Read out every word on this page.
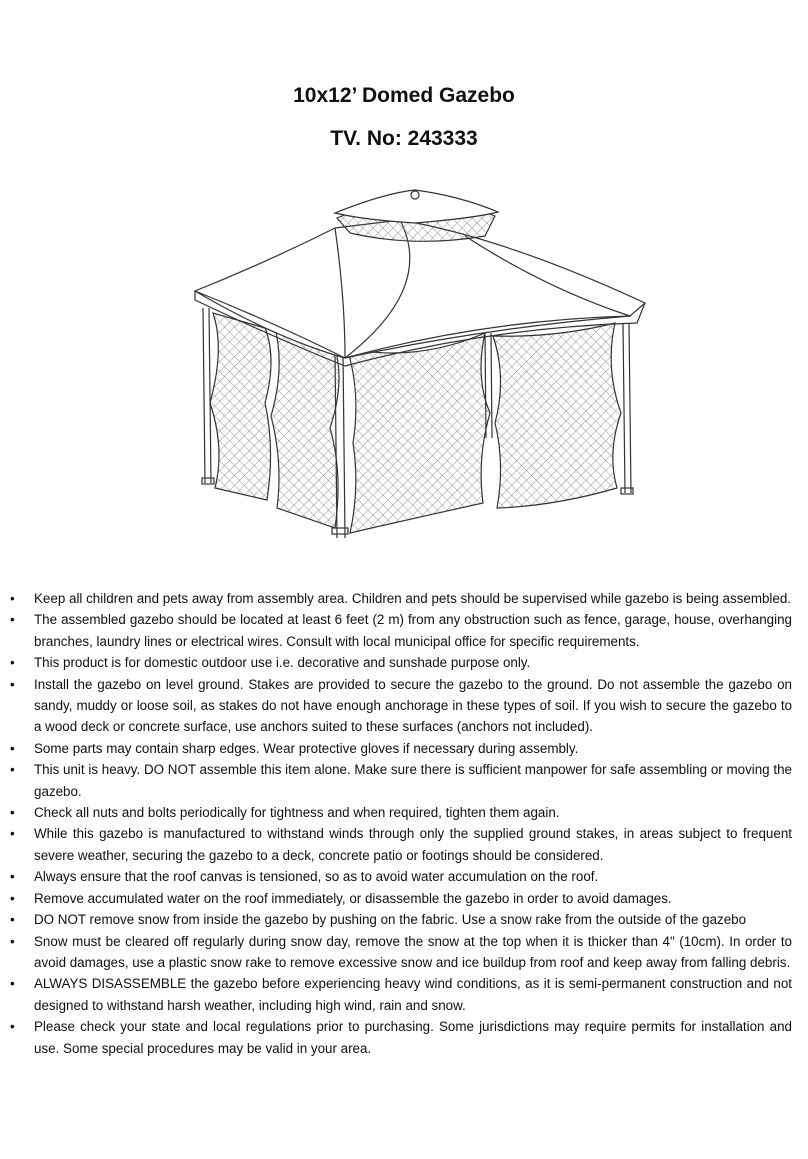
10x12’ Domed Gazebo
TV. No: 243333
• Keep all children and pets away from assembly area. Children and pets should be supervised while gazebo is being assembled.
• The assembled gazebo should be located at least 6 feet (2 m) from any obstruction such as fence, garage, house, overhanging branches, laundry lines or electrical wires. Consult with local municipal office for specific requirements.
• This product is for domestic outdoor use i.e. decorative and sunshade purpose only.
• Install the gazebo on level ground. Stakes are provided to secure the gazebo to the ground. Do not assemble the gazebo on sandy, muddy or loose soil, as stakes do not have enough anchorage in these types of soil. If you wish to secure the gazebo to a wood deck or concrete surface, use anchors suited to these surfaces (anchors not included).
• Some parts may contain sharp edges. Wear protective gloves if necessary during assembly.
• This unit is heavy. DO NOT assemble this item alone. Make sure there is sufficient manpower for safe assembling or moving the gazebo.
• Check all nuts and bolts periodically for tightness and when required, tighten them again.
• While this gazebo is manufactured to withstand winds through only the supplied ground stakes, in areas subject to frequent severe weather, securing the gazebo to a deck, concrete patio or footings should be considered.
• Always ensure that the roof canvas is tensioned, so as to avoid water accumulation on the roof.
• Remove accumulated water on the roof immediately, or disassemble the gazebo in order to avoid damages.
• DO NOT remove snow from inside the gazebo by pushing on the fabric. Use a snow rake from the outside of the gazebo
• Snow must be cleared off regularly during snow day, remove the snow at the top when it is thicker than 4" (10cm). In order to avoid damages, use a plastic snow rake to remove excessive snow and ice buildup from roof and keep away from falling debris.
• ALWAYS DISASSEMBLE the gazebo before experiencing heavy wind conditions, as it is semi-permanent construction and not designed to withstand harsh weather, including high wind, rain and snow.
• Please check your state and local regulations prior to purchasing. Some jurisdictions may require permits for installation and use. Some special procedures may be valid in your area.
